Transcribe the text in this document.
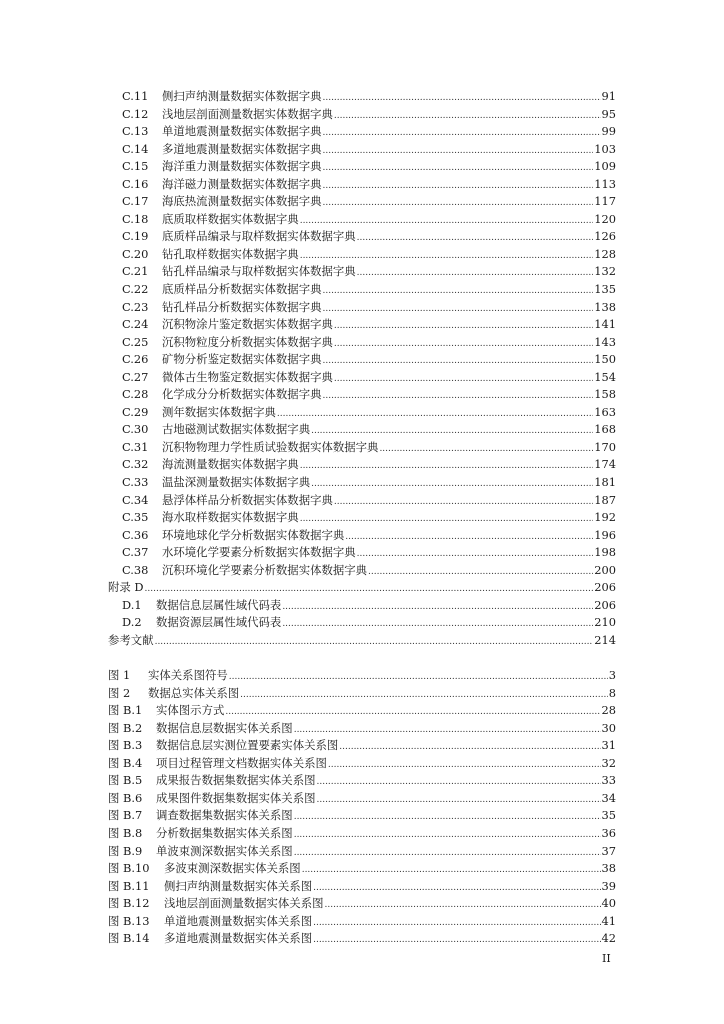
C.11	侧扫声纳测量数据实体数据字典 .....	91
C.12	浅地层剖面测量数据实体数据字典 .....	95
C.13	单道地震测量数据实体数据字典 .....	99
C.14	多道地震测量数据实体数据字典 .....	103
C.15	海洋重力测量数据实体数据字典 .....	109
C.16	海洋磁力测量数据实体数据字典 .....	113
C.17	海底热流测量数据实体数据字典 .....	117
C.18	底质取样数据实体数据字典 .....	120
C.19	底质样品编录与取样数据实体数据字典 .....	126
C.20	钻孔取样数据实体数据字典 .....	128
C.21	钻孔样品编录与取样数据实体数据字典 .....	132
C.22	底质样品分析数据实体数据字典 .....	135
C.23	钻孔样品分析数据实体数据字典 .....	138
C.24	沉积物涂片鉴定数据实体数据字典 .....	141
C.25	沉积物粒度分析数据实体数据字典 .....	143
C.26	矿物分析鉴定数据实体数据字典 .....	150
C.27	微体古生物鉴定数据实体数据字典 .....	154
C.28	化学成分分析数据实体数据字典 .....	158
C.29	测年数据实体数据字典 .....	163
C.30	古地磁测试数据实体数据字典 .....	168
C.31	沉积物物理力学性质试验数据实体数据字典 .....	170
C.32	海流测量数据实体数据字典 .....	174
C.33	温盐深测量数据实体数据字典 .....	181
C.34	悬浮体样品分析数据实体数据字典 .....	187
C.35	海水取样数据实体数据字典 .....	192
C.36	环境地球化学分析数据实体数据字典 .....	196
C.37	水环境化学要素分析数据实体数据字典 .....	198
C.38	沉积环境化学要素分析数据实体数据字典 .....	200
附录 D .....	206
D.1	数据信息层属性域代码表 .....	206
D.2	数据资源层属性域代码表 .....	210
参考文献 .....	214
图 1	实体关系图符号 .....	3
图 2	数据总实体关系图 .....	8
图 B.1	实体图示方式 .....	28
图 B.2	数据信息层数据实体关系图 .....	30
图 B.3	数据信息层实测位置要素实体关系图 .....	31
图 B.4	项目过程管理文档数据实体关系图 .....	32
图 B.5	成果报告数据集数据实体关系图 .....	33
图 B.6	成果图件数据集数据实体关系图 .....	34
图 B.7	调查数据集数据实体关系图 .....	35
图 B.8	分析数据集数据实体关系图 .....	36
图 B.9	单波束测深数据实体关系图 .....	37
图 B.10	多波束测深数据实体关系图 .....	38
图 B.11	侧扫声纳测量数据实体关系图 .....	39
图 B.12	浅地层剖面测量数据实体关系图 .....	40
图 B.13	单道地震测量数据实体关系图 .....	41
图 B.14	多道地震测量数据实体关系图 .....	42
II
